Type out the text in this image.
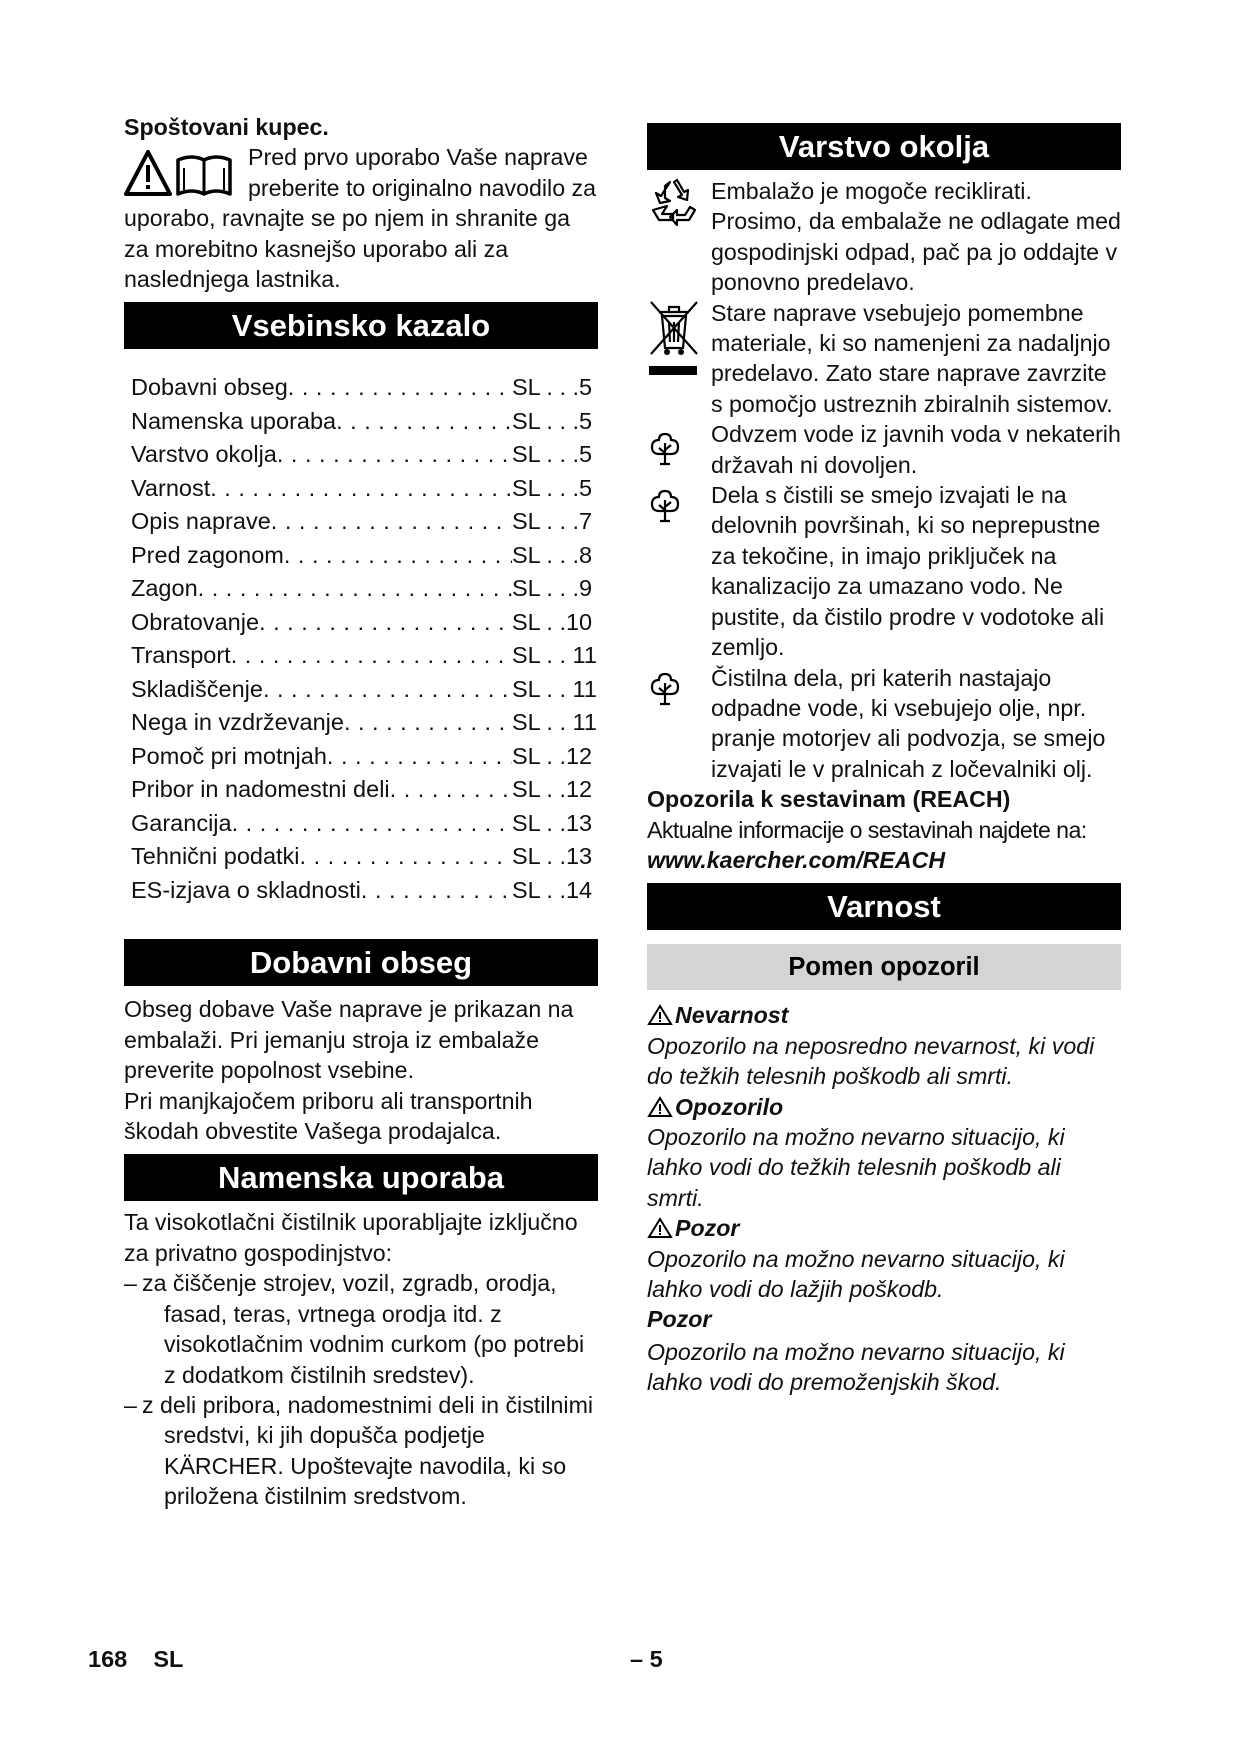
Spoštovani kupec.

Pred prvo uporabo Vaše naprave preberite to originalno navodilo za uporabo, ravnajte se po njem in shranite ga za morebitno kasnejšo uporabo ali za naslednjega lastnika.

Vsebinsko kazalo
Dobavni obseg . . .	SL . . .5
Namenska uporaba . . .	SL . . .5
Varstvo okolja . . .	SL . . .5
Varnost . . .	SL . . .5
Opis naprave . . .	SL . . .7
Pred zagonom . . .	SL . . .8
Zagon . . .	SL . . .9
Obratovanje . . .	SL . .10
Transport . . .	SL . . 11
Skladiščenje . . .	SL . . 11
Nega in vzdrževanje . . .	SL . . 11
Pomoč pri motnjah . . .	SL . .12
Pribor in nadomestni deli . . .	SL . .12
Garancija . . .	SL . .13
Tehnični podatki . . .	SL . .13
ES-izjava o skladnosti . . .	SL . .14
Dobavni obseg

Obseg dobave Vaše naprave je prikazan na embalaži. Pri jemanju stroja iz embalaže preverite popolnost vsebine.

Pri manjkajočem priboru ali transportnih škodah obvestite Vašega prodajalca.

Namenska uporaba

Ta visokotlačni čistilnik uporabljajte izključno za privatno gospodinjstvo:

– za čiščenje strojev, vozil, zgradb, orodja, fasad, teras, vrtnega orodja itd. z visokotlačnim vodnim curkom (po potrebi z dodatkom čistilnih sredstev).
– z deli pribora, nadomestnimi deli in čistilnimi sredstvi, ki jih dopušča podjetje KÄRCHER. Upoštevajte navodila, ki so priložena čistilnim sredstvom.
Varstvo okolja

Embalažo je mogoče reciklirati. Prosimo, da embalaže ne odlagate med gospodinjski odpad, pač pa jo oddajte v ponovno predelavo.

Stare naprave vsebujejo pomembne materiale, ki so namenjeni za nadaljnjo predelavo. Zato stare naprave zavrzite s pomočjo ustreznih zbiralnih sistemov.

Odvzem vode iz javnih voda v nekaterih državah ni dovoljen.

Dela s čistili se smejo izvajati le na delovnih površinah, ki so neprepustne za tekočine, in imajo priključek na kanalizacijo za umazano vodo. Ne pustite, da čistilo prodre v vodotoke ali zemljo.

Čistilna dela, pri katerih nastajajo odpadne vode, ki vsebujejo olje, npr. pranje motorjev ali podvozja, se smejo izvajati le v pralnicah z ločevalniki olj.

Opozorila k sestavinam (REACH)

Aktualne informacije o sestavinah najdete na:

www.kaercher.com/REACH

Varnost
Pomen opozoril

Nevarnost

Opozorilo na neposredno nevarnost, ki vodi do težkih telesnih poškodb ali smrti.

Opozorilo

Opozorilo na možno nevarno situacijo, ki lahko vodi do težkih telesnih poškodb ali smrti.

Pozor

Opozorilo na možno nevarno situacijo, ki lahko vodi do lažjih poškodb.

Pozor

Opozorilo na možno nevarno situacijo, ki lahko vodi do premoženjskih škod.

168 SL	– 5
